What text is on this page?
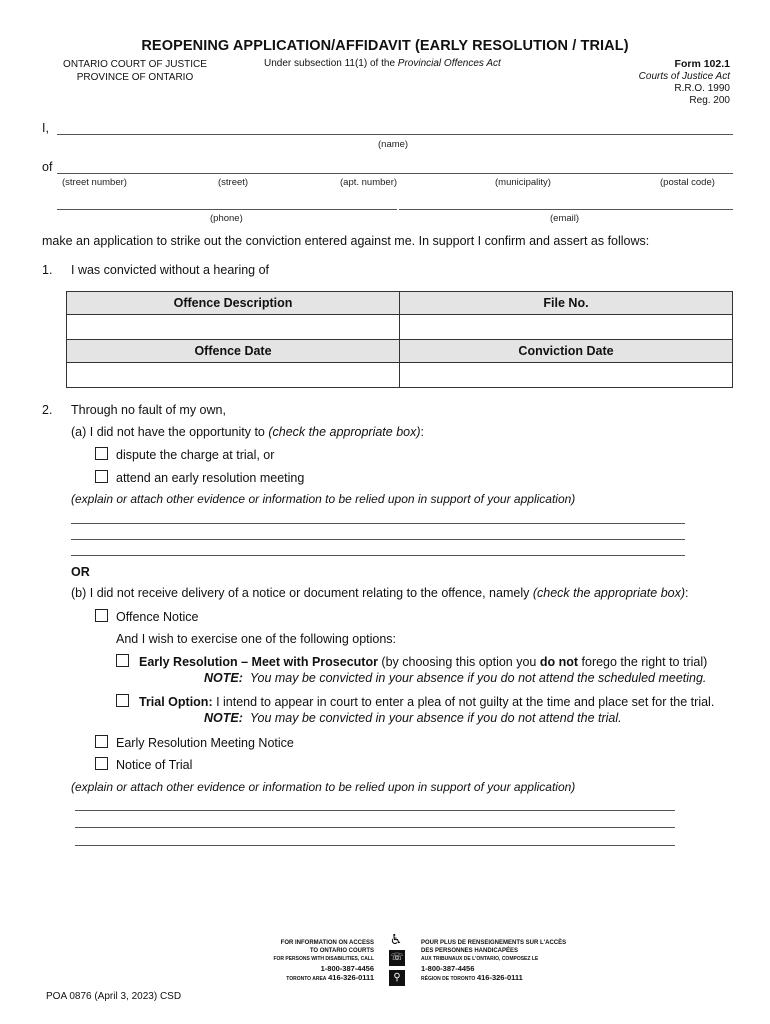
REOPENING APPLICATION/AFFIDAVIT (EARLY RESOLUTION / TRIAL)
ONTARIO COURT OF JUSTICE
PROVINCE OF ONTARIO
Under subsection 11(1) of the Provincial Offences Act	Form 102.1
Courts of Justice Act
R.R.O. 1990
Reg. 200
I,
(name)
of
(street number)	(street)	(apt. number)	(municipality)	(postal code)
(phone)	(email)
make an application to strike out the conviction entered against me. In support I confirm and assert as follows:
1. I was convicted without a hearing of
Offence Description	File No.

Offence Date	Conviction Date

2. Through no fault of my own,
(a) I did not have the opportunity to (check the appropriate box):
dispute the charge at trial, or
attend an early resolution meeting
(explain or attach other evidence or information to be relied upon in support of your application)
OR
(b) I did not receive delivery of a notice or document relating to the offence, namely (check the appropriate box):
Offence Notice
And I wish to exercise one of the following options:
Early Resolution – Meet with Prosecutor (by choosing this option you do not forego the right to trial)
NOTE: You may be convicted in your absence if you do not attend the scheduled meeting.
Trial Option: I intend to appear in court to enter a plea of not guilty at the time and place set for the trial.
NOTE: You may be convicted in your absence if you do not attend the trial.
Early Resolution Meeting Notice
Notice of Trial
(explain or attach other evidence or information to be relied upon in support of your application)
FOR INFORMATION ON ACCESS
TO ONTARIO COURTS
FOR PERSONS WITH DISABILITIES, CALL
1-800-387-4456
TORONTO AREA 416-326-0111
♿
☏
⚲
POUR PLUS DE RENSEIGNEMENTS SUR L'ACCÈS
DES PERSONNES HANDICAPÉES
AUX TRIBUNAUX DE L'ONTARIO, COMPOSEZ LE
1-800-387-4456
RÉGION DE TORONTO 416-326-0111
POA 0876 (April 3, 2023) CSD
